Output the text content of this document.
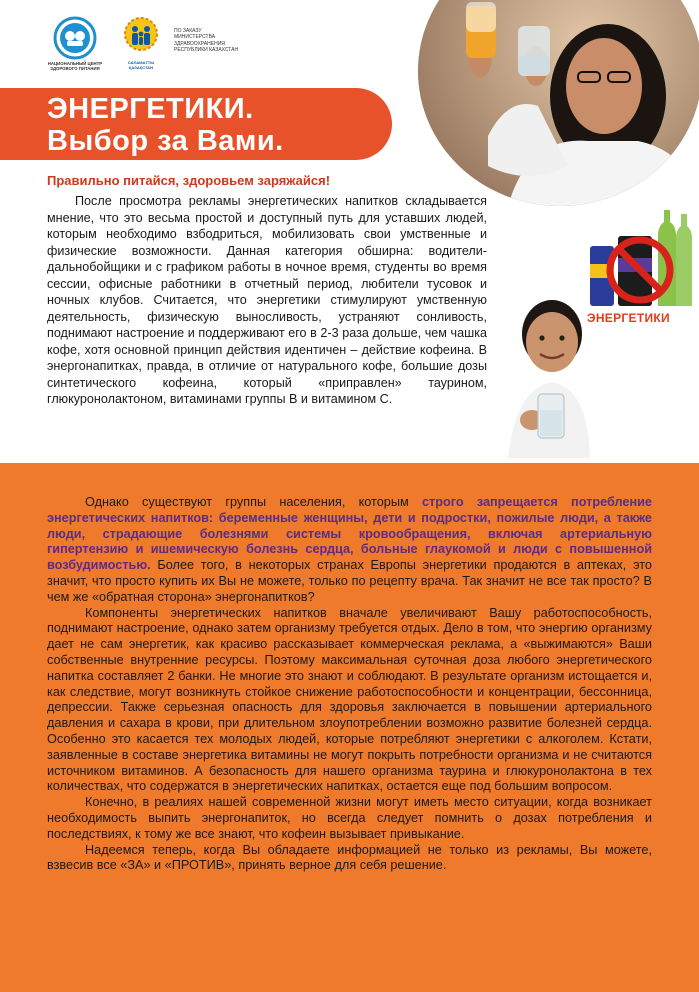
НАЦИОНАЛЬНЫЙ ЦЕНТР ЗДОРОВОГО ПИТАНИЯ
САЛАМАТТЫ ҚАЗАҚСТАН
ПО ЗАКАЗУ МИНИСТЕРСТВА ЗДРАВООХРАНЕНИЯ РЕСПУБЛИКИ КАЗАХСТАН
ЭНЕРГЕТИКИ.
Выбор за Вами.
Правильно питайся, здоровьем заряжайся!

После просмотра рекламы энергетических напитков складывается мнение, что это весьма простой и доступный путь для уставших людей, которым необходимо взбодриться, мобилизовать свои умственные и физические возможности. Данная категория обширна: водители-дальнобойщики и с графиком работы в ночное время, студенты во время сессии, офисные работники в отчетный период, любители тусовок и ночных клубов. Считается, что энергетики стимулируют умственную деятельность, физическую выносливость, устраняют сонливость, поднимают настроение и поддерживают его в 2-3 раза дольше, чем чашка кофе, хотя основной принцип действия идентичен – действие кофеина. В энергонапитках, правда, в отличие от натурального кофе, большие дозы синтетического кофеина, который «приправлен» таурином, глюкуронолактоном, витаминами группы B и витамином C.

ЭНЕРГЕТИКИ

Однако существуют группы населения, которым строго запрещается потребление энергетических напитков: беременные женщины, дети и подростки, пожилые люди, а также люди, страдающие болезнями системы кровообращения, включая артериальную гипертензию и ишемическую болезнь сердца, больные глаукомой и люди с повышенной возбудимостью. Более того, в некоторых странах Европы энергетики продаются в аптеках, это значит, что просто купить их Вы не можете, только по рецепту врача. Так значит не все так просто? В чем же «обратная сторона» энергонапитков?

Компоненты энергетических напитков вначале увеличивают Вашу работоспособность, поднимают настроение, однако затем организму требуется отдых. Дело в том, что энергию организму дает не сам энергетик, как красиво рассказывает коммерческая реклама, а «выжимаются» Ваши собственные внутренние ресурсы. Поэтому максимальная суточная доза любого энергетического напитка составляет 2 банки. Не многие это знают и соблюдают. В результате организм истощается и, как следствие, могут возникнуть стойкое снижение работоспособности и концентрации, бессонница, депрессии. Также серьезная опасность для здоровья заключается в повышении артериального давления и сахара в крови, при длительном злоупотреблении возможно развитие болезней сердца. Особенно это касается тех молодых людей, которые потребляют энергетики с алкоголем. Кстати, заявленные в составе энергетика витамины не могут покрыть потребности организма и не считаются источником витаминов. А безопасность для нашего организма таурина и глюкуронолактона в тех количествах, что содержатся в энергетических напитках, остается еще под большим вопросом.

Конечно, в реалиях нашей современной жизни могут иметь место ситуации, когда возникает необходимость выпить энергонапиток, но всегда следует помнить о дозах потребления и последствиях, к тому же все знают, что кофеин вызывает привыкание.

Надеемся теперь, когда Вы обладаете информацией не только из рекламы, Вы можете, взвесив все «ЗА» и «ПРОТИВ», принять верное для себя решение.
